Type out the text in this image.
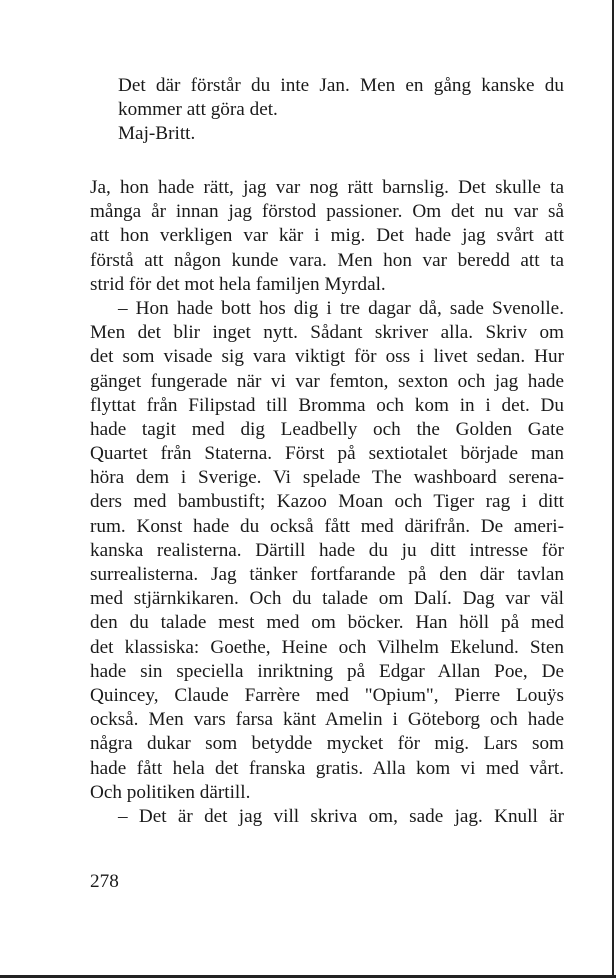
Det där förstår du inte Jan. Men en gång kanske du
kommer att göra det.
Maj-Britt.
Ja, hon hade rätt, jag var nog rätt barnslig. Det skulle ta
många år innan jag förstod passioner. Om det nu var så
att hon verkligen var kär i mig. Det hade jag svårt att
förstå att någon kunde vara. Men hon var beredd att ta
strid för det mot hela familjen Myrdal.
– Hon hade bott hos dig i tre dagar då, sade Svenolle.
Men det blir inget nytt. Sådant skriver alla. Skriv om
det som visade sig vara viktigt för oss i livet sedan. Hur
gänget fungerade när vi var femton, sexton och jag hade
flyttat från Filipstad till Bromma och kom in i det. Du
hade tagit med dig Leadbelly och the Golden Gate
Quartet från Staterna. Först på sextiotalet började man
höra dem i Sverige. Vi spelade The washboard serena-
ders med bambustift; Kazoo Moan och Tiger rag i ditt
rum. Konst hade du också fått med därifrån. De ameri-
kanska realisterna. Därtill hade du ju ditt intresse för
surrealisterna. Jag tänker fortfarande på den där tavlan
med stjärnkikaren. Och du talade om Dalí. Dag var väl
den du talade mest med om böcker. Han höll på med
det klassiska: Goethe, Heine och Vilhelm Ekelund. Sten
hade sin speciella inriktning på Edgar Allan Poe, De
Quincey, Claude Farrère med "Opium", Pierre Louÿs
också. Men vars farsa känt Amelin i Göteborg och hade
några dukar som betydde mycket för mig. Lars som
hade fått hela det franska gratis. Alla kom vi med vårt.
Och politiken därtill.
– Det är det jag vill skriva om, sade jag. Knull är
278
